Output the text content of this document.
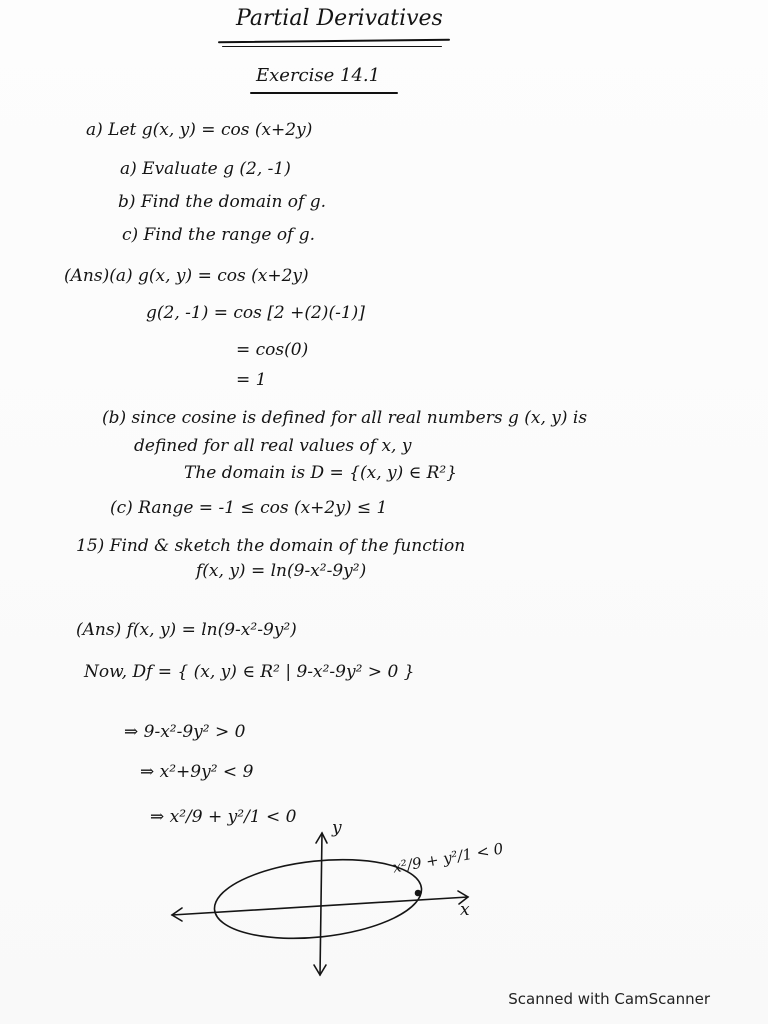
Partial Derivatives
Exercise 14.1
a) Let g(x, y) = cos (x+2y)
a) Evaluate g (2, -1)
b) Find the domain of g.
c) Find the range of g.
(Ans)(a) g(x, y) = cos (x+2y)
g(2, -1) = cos [2 +(2)(-1)]
= cos(0)
= 1
(b) since cosine is defined for all real numbers g (x, y) is
defined for all real values of x, y
The domain is D = {(x, y) ∈ R²}
(c) Range = -1 ≤ cos (x+2y) ≤ 1
15) Find & sketch the domain of the function
f(x, y) = ln(9-x²-9y²)
(Ans) f(x, y) = ln(9-x²-9y²)
Now, Df = { (x, y) ∈ R² | 9-x²-9y² > 0 }
⇒ 9-x²-9y² > 0
⇒ x²+9y² < 9
⇒ x²/9 + y²/1 < 0
y
x
x²/9 + y²/1 < 0
Scanned with CamScanner
